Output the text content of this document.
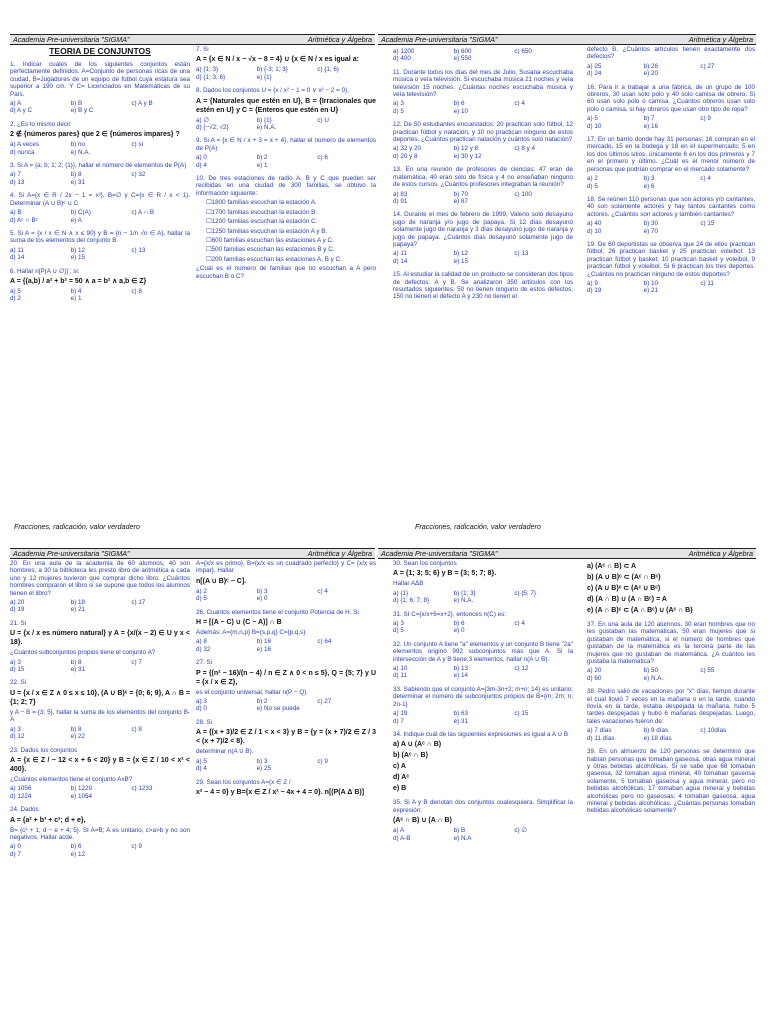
Academia Pre-universitaria "SIGMA"	Aritmética y Álgebra Academia Pre-universitaria "SIGMA"	Aritmética y Álgebra
TEORIA DE CONJUNTOS
1. Indicar cuales de los siguientes conjuntos están perfectamente definidos. A=Conjunto de personas ricas de una ciudad, B=Jugadores de un equipo de fútbol cuya estatura sea superior a 190 cm. Y C= Licenciados en Matemáticas de su País.
a) A	b) B	c) A y B
d) A y C	e) B y C
2. ¿Es lo mismo decir
2 ∉ {números pares} que 2 ∈ {números impares} ?
a) A veces	b) no	c) sí
d) nunca	e) N.A.
3. Si A = {a; b; 1; 2; {1}}, hallar el número de elementos de P(A)
a) 7	b) 8	c) 32
d) 13	e) 31
4. Si A={x ∈ R / 2x − 1 = x²}, B=∅ y C={x ∈ R / x < 1}. Determinar (A ∪ B)ᶜ ∪ C
a) B	b) C(A)	c) A ∩ B
d) Aᶜ ∩ Bᶜ	e) A
5. Si A = {x / x ∈ N ∧ x ≤ 90} y B = {n − 1/n √n ∈ A}, hallar la suma de los elementos del conjunto B
a) 11	b) 12	c) 13
d) 14	e) 15
6. Hallar n[P(A ∪ ∅)] ; si:
A = {(a,b) / a² + b² = 50 ∧ a = b² ∧ a,b ∈ Z}
a) 5	b) 4	c) 8
d) 2	e) 1
7. Si
A = {x ∈ N / x − √x − 8 = 4} ∪ {x ∈ N / x es igual a:
a) {1; 3}	b) {-3; 1; 3}	c) {1; 6}
d) {1; 3; 6}	e) {1}
8. Dados los conjuntos U = {x / x² − 1 = 0 ∨ x² − 2 = 0},
A = {Naturales que estén en U}, B = {Irracionales que estén en U} y C = {Enteros que estén en U}
a) ∅	b) {1}	c) U
d) {−√2; √2}	e) N.A.
9. Si A = {x ∈ N / x + 3 = x + 4}, hallar el número de elementos de P(A)
a) 0	b) 2	c) 6
d) 4	e) 1
10. De tres estaciones de radio A, B y C que pueden ser recibidas en una ciudad de 300 familias, se obtuvo la información siguiente:
☐ 1800 familias escuchan la estación A.
☐ 1700 familias escuchan la estación B.
☐ 1200 familias escuchan la estación C.
☐ 1250 familias escuchan la estación A y B.
☐ 600 familias escuchan las estaciones A y C.
☐ 500 familias escuchan las estaciones B y C.
☐ 200 familias escuchan las estaciones A, B y C.
¿Cuál es el número de familias que no escuchan a A pero escuchan B o C?
a) 1200	b) 600	c) 650
d) 400	e) 550
11. Durante todos los días del mes de Julio, Susana escuchaba música o veía televisión. Si escuchaba música 21 noches y veía televisión 15 noches. ¿Cuántas noches escuchaba música y veía televisión?
a) 3	b) 6	c) 4
d) 5	e) 10
12. De 50 estudiantes encuestados: 20 practican solo fútbol, 12 practican fútbol y natación, y 10 no practican ninguno de estos deportes. ¿Cuántos practican natación y cuántos solo natación?
a) 32 y 20	b) 12 y 8	c) 8 y 4
d) 20 y 8	e) 30 y 12
13. En una reunión de profesores de ciencias: 47 eran de matemática, 40 eran solo de física y 4 no enseñaban ninguno de estos cursos. ¿Cuántos profesores integraban la reunión?
a) 83	b) 70	c) 100
d) 91	e) 87
14. Durante el mes de febrero de 1999, Valerio solo desayuno jugo de naranja y/o jugo de papaya. Si 12 días desayunó solamente jugo de naranja y 3 días desayunó jugo de naranja y jugo de papaya. ¿Cuántos días desayunó solamente jugo de papaya?
a) 11	b) 12	c) 13
d) 14	e) 15
15. Al estudiar la calidad de un producto se consideran dos tipos de defectos: A y B. Se analizaron 350 artículos con los resultados siguientes: 50 no tienen ninguno de estos defectos, 150 no tienen el defecto A y 230 no tienen el
defecto B. ¿Cuántos artículos tienen exactamente dos defectos?
a) 25	b) 26	c) 27
d) 24	e) 20
16. Para ir a trabajar a una fábrica, de un grupo de 100 obreros, 30 usan solo polo y 40 solo camisa de obrero. Si 60 usan solo polo o camisa. ¿Cuántos obreros usan solo polo o camisa, si hay obreros que usan otro tipo de ropa?
a) 5	b) 7	c) 9
d) 10	e) 16
17. En un barrio donde hay 31 personas; 16 compran en el mercado, 15 en la bodega y 18 en el supermercado; 5 en los dos últimos sitios, únicamente 6 en los dos primeros y 7 en el primero y último. ¿Cuál es el menor número de personas que podrían comprar en el mercado solamente?
a) 2	b) 3	c) 4
d) 5	e) 6
18. Se reúnen 110 personas que son actores y/o cantantes, 40 son solamente actores y hay tantos cantantes como actores. ¿Cuántos son actores y también cantantes?
a) 40	b) 30	c) 15
d) 10	e) 70
19. De 60 deportistas se observa que 24 de ellos practican fútbol; 26 practican basket y 25 practican voleibol; 13 practican fútbol y basket; 10 practican basket y voleibol, 9 practican fútbol y voleibol. Si 6 practican los tres deportes. ¿Cuántos no practican ninguno de estos deportes?
a) 9	b) 10	c) 11
d) 19	e) 21
Fracciones, radicación, valor verdadero	Fracciones, radicación, valor verdadero
Academia Pre-universitaria "SIGMA"	Aritmética y Álgebra Academia Pre-universitaria "SIGMA"	Aritmética y Álgebra
20. En una aula de la academia de 60 alumnos, 40 son hombres, a 30 la biblioteca les prestó libro de aritmética a cada uno y 12 mujeres tuvieron que comprar dicho libro. ¿Cuántos hombres compraron el libro si se supone que todos los alumnos tienen el libro?
a) 20	b) 18	c) 17
d) 19	e) 21
21. Si
U = {x / x es número natural} y A = {x/(x − 2) ∈ U y x < 18}.
¿Cuántos subconjuntos propios tiene el conjunto A?
a) 3	b) 8	c) 7
d) 15	e) 31
22. Si
U = {x / x ∈ Z ∧ 0 ≤ x ≤ 10}, (A ∪ B)ᶜ = {0; 6; 9}, A ∩ B = {1; 2; 7}
y A − B = {3; 5}, hallar la suma de los elementos del conjunto B-A
a) 3	b) 8	c) 8
d) 12	e) 22
23. Dados los conjuntos
A = {x ∈ Z / − 12 < x + 6 < 20} y B = {x ∈ Z / 10 < x² < 400}.
¿Cuántos elementos tiene el conjunto AxB?
a) 1056	b) 1229	c) 1233
d) 1224	e) 1054
24. Dados
A = {a² + b³ + c²; d + e},
B= {c² + 1; d − e + 4; 5}. SI A=B; A es unitario, c>a>b y no son negativos. Hallar acde.
a) 0	b) 6	c) 9
d) 7	e) 12
A={x/x es primo}, B={x/x es un cuadrado perfecto} y C= {x/x es impar}. Hallar
n[(A ∪ B)ᶜ − C].
a) 2	b) 3	c) 4
d) 5	e) 0
26. Cuantos elementos tiene el conjunto Potencia de H. Si
H = [(A − C) ∪ (C − A)] ∩ B
Además: A={m,n,p} B={s,p,q} C={p,q,s}
a) 8	b) 16	c) 64
d) 32	e) 16
27. Si
P = {(n² − 16)/(n − 4) / n ∈ Z ∧ 0 < n ≤ 5}, Q = {5; 7} y U = {x / x ∈ Z},
es el conjunto universal, hallar n(P − Q).
a) 3	b) 2	c) 27
d) 0	e) No se puede
28. Si
A = {(x + 3)/2 ∈ Z / 1 < x < 3} y B = {y = (x + 7)/2 ∈ Z / 3 < (x + 7)/2 < 8}.
determinar n(A ∪ B).
a) 5	b) 3	c) 9
d) 4	e) 25
29. Sean los conjuntos A={x ∈ Z /
x² − 4 = 0} y B={x ∈ Z / x² − 4x + 4 = 0}. n[(P(A Δ B)]
30. Sean los conjuntos
A = {1; 3; 5; 6} y B = {3; 5; 7; 8}.
Hallar AΔB
a) {1}	b) {1; 3}	c) {5; 7}
d) {1; 6; 7; 8}	e) N.A.
31. SI C={x/x+6=x+2}, entonces n(C) es:
a) 3	b) 6	c) 4
d) 5	e) 0
32. Un conjunto A tiene "a" elementos y un conjunto B tiene "2a" elementos originó 992 subconjuntos más que A. Si la intersección de A y B tiene 3 elementos, hallar n(A ∪ B).
a) 10	b) 13	c) 12
d) 11	e) 14
33. Sabiendo que el conjunto A={3m-3n+2; m+n; 14} es unitario; determinar el número de subconjuntos propios de B={m; 2m; n; 2n-1}
a) 19	b) 63	c) 15
d) 7	e) 31
34. Indique cuál de las siguientes expresiones es igual a A ∪ B
a) A ∪ (Aᶜ ∩ B)
b) (Aᶜ ∩ B)
c) A
d) Aᶜ
e) B
35. Si A y B denotan dos conjuntos cualesquiera. Simplificar la expresión:
(Aᶜ ∩ B) ∪ (A ∩ B)
a) A	b) B	c) ∅
d) A-B	e) N.A
a) (Aᶜ ∩ B) ⊂ A
b) (A ∪ B)ᶜ ⊂ (Aᶜ ∩ Bᶜ)
c) (A ∪ B)ᶜ ⊂ (Aᶜ ∪ Bᶜ)
d) (A ∩ B) ∪ (A ∩ Bᶜ) = A
e) (A ∩ B)ᶜ ⊂ (A ∩ Bᶜ) ∪ (Aᶜ ∩ B)
37. En una aula de 120 alumnos, 30 eran hombres que no les gustaban las matemáticas, 50 eran mujeres que si gustaban de matemática, si el número de hombres que gustaban de la matemática es la tercera parte de las mujeres que no gustaban de matemática. ¿A cuántos les gustaba la matemática?
a) 20	b) 50	c) 55
d) 60	e) N.A.
38. Pedro salió de vacaciones por "x" días, tiempo durante el cual llovió 7 veces en la mañana o en la tarde, cuando llovía en la tarde, estaba despejada la mañana, hubo 5 tardes despejadas y hubo 6 mañanas despejadas. Luego, tales vacaciones fueron de:
a) 7 días	b) 9 días	c) 10días
d) 11 días	e) 18 días
39. En un almuerzo de 120 personas se determinó que habían personas que tomaban gaseosa, otras agua mineral y otras bebidas alcohólicas. Si se sabe que 68 tomaban gaseosa, 32 tomaban agua mineral, 40 tomaban gaseosa solamente, 5 tomaban gaseosa y agua mineral, pero no bebidas alcohólicas; 17 tomaban agua mineral y bebidas alcohólicas pero no gaseosas; 4 tomaban gaseosa, agua mineral y bebidas alcohólicas. ¿Cuántas personas tomaban bebidas alcohólicas solamente?
